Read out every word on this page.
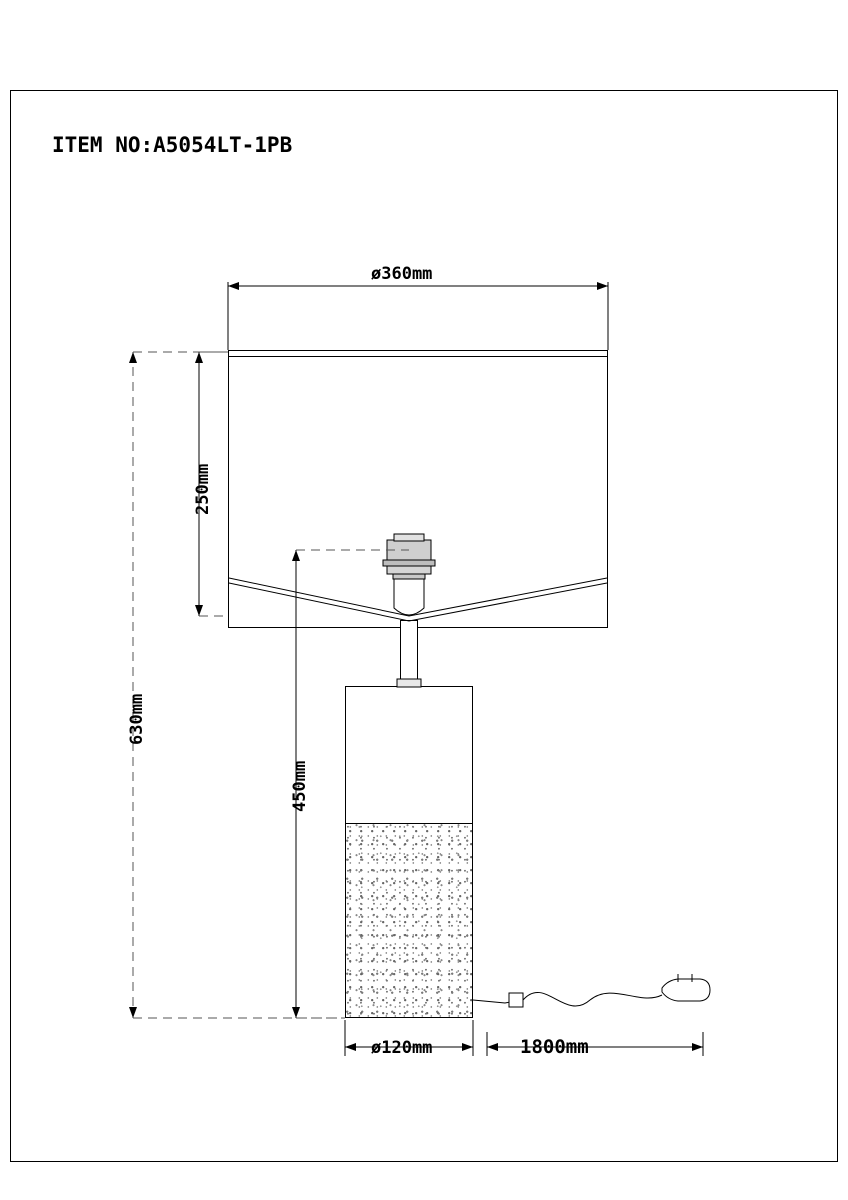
ITEM NO:A5054LT-1PB
ø360mm
250mm
630mm
450mm
ø120mm	1800mm
